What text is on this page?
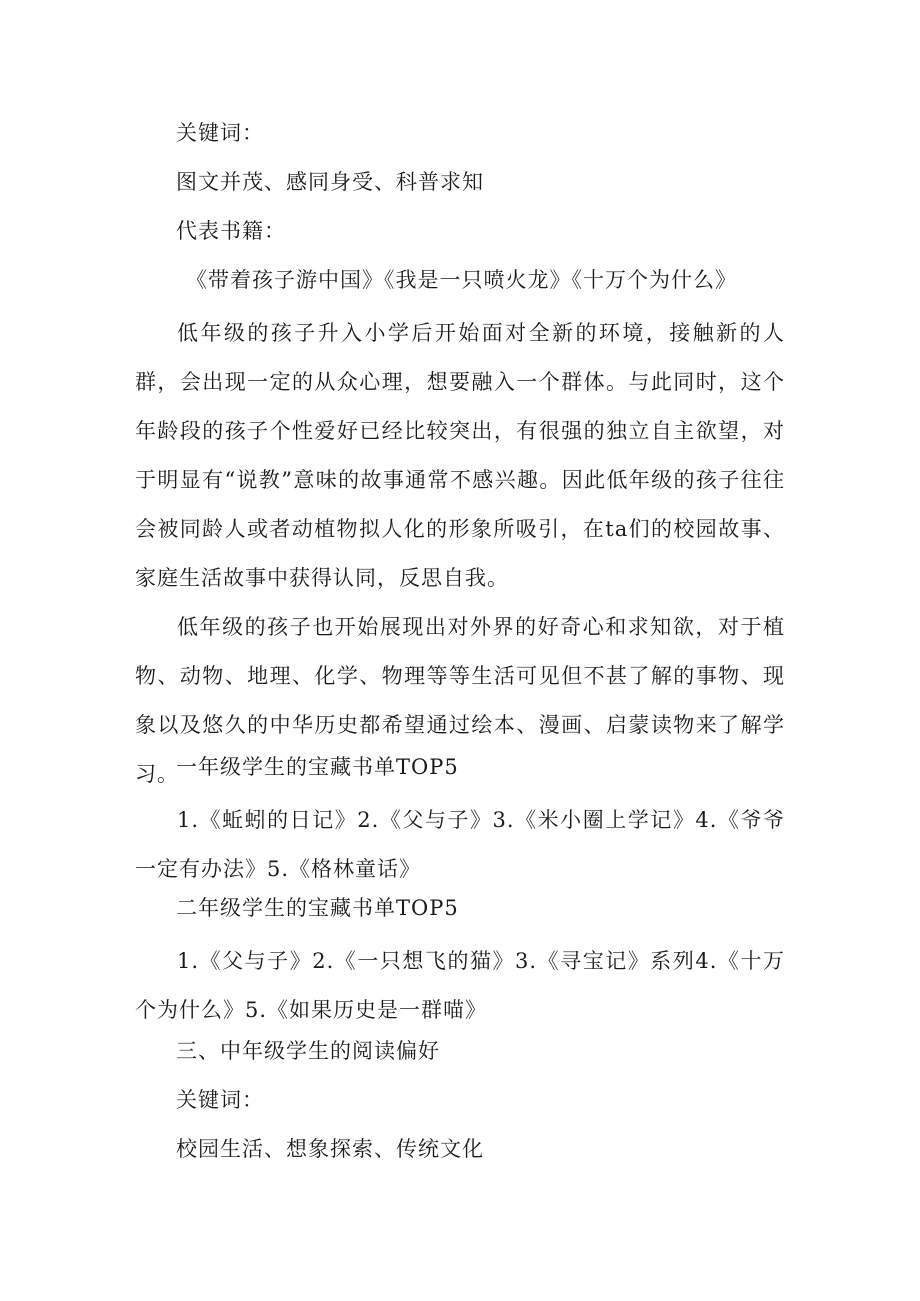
关键词：
图文并茂、感同身受、科普求知
代表书籍：
《带着孩子游中国》《我是一只喷火龙》《十万个为什么》
低年级的孩子升入小学后开始面对全新的环境，接触新的人群，会出现一定的从众心理，想要融入一个群体。与此同时，这个年龄段的孩子个性爱好已经比较突出，有很强的独立自主欲望，对于明显有“说教”意味的故事通常不感兴趣。因此低年级的孩子往往会被同龄人或者动植物拟人化的形象所吸引，在ta们的校园故事、家庭生活故事中获得认同，反思自我。
低年级的孩子也开始展现出对外界的好奇心和求知欲，对于植物、动物、地理、化学、物理等等生活可见但不甚了解的事物、现象以及悠久的中华历史都希望通过绘本、漫画、启蒙读物来了解学习。
一年级学生的宝藏书单TOP5
1.《蚯蚓的日记》2.《父与子》3.《米小圈上学记》4.《爷爷一定有办法》5.《格林童话》
二年级学生的宝藏书单TOP5
1.《父与子》2.《一只想飞的猫》3.《寻宝记》系列4.《十万个为什么》5.《如果历史是一群喵》
三、中年级学生的阅读偏好
关键词：
校园生活、想象探索、传统文化
